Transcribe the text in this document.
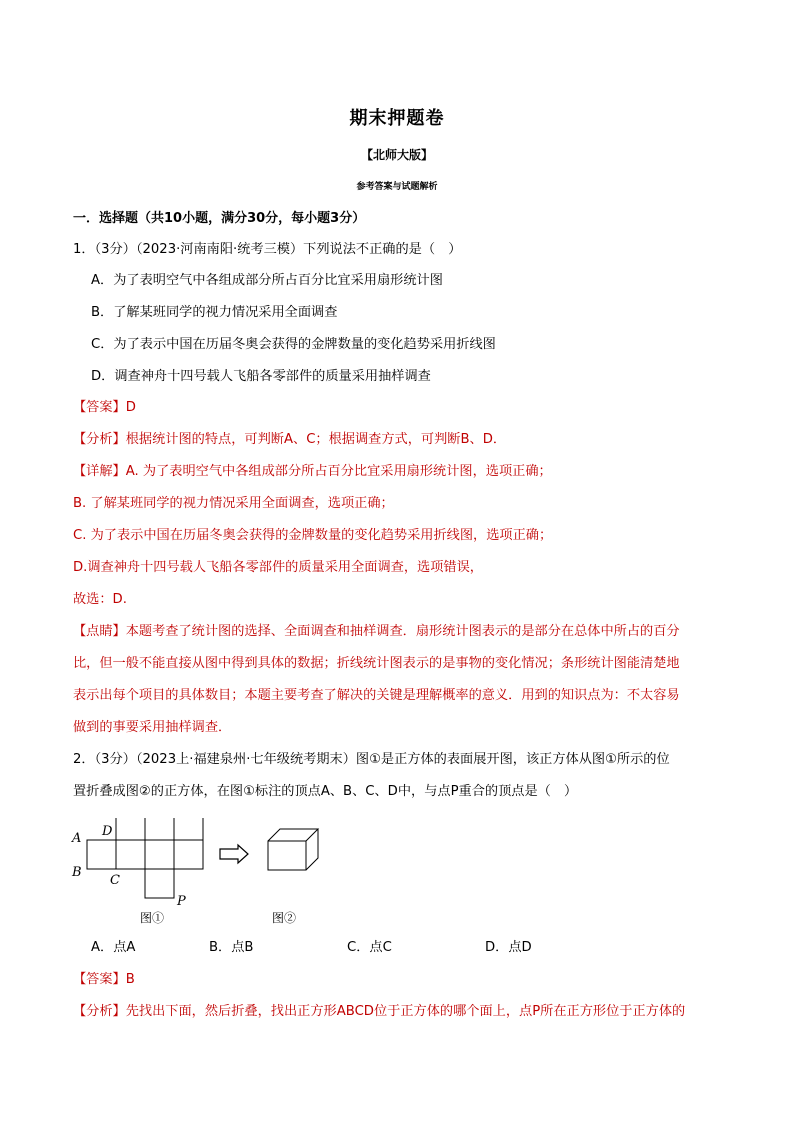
期末押题卷
【北师大版】
参考答案与试题解析
一．选择题（共10小题，满分30分，每小题3分）
1．（3分）（2023·河南南阳·统考三模）下列说法不正确的是（　）
A．为了表明空气中各组成部分所占百分比宜采用扇形统计图
B．了解某班同学的视力情况采用全面调查
C．为了表示中国在历届冬奥会获得的金牌数量的变化趋势采用折线图
D．调查神舟十四号载人飞船各零部件的质量采用抽样调查
【答案】D
【分析】根据统计图的特点，可判断A、C；根据调查方式，可判断B、D．
【详解】A. 为了表明空气中各组成部分所占百分比宜采用扇形统计图，选项正确；
B. 了解某班同学的视力情况采用全面调查，选项正确；
C. 为了表示中国在历届冬奥会获得的金牌数量的变化趋势采用折线图，选项正确；
D.调查神舟十四号载人飞船各零部件的质量采用全面调查，选项错误，
故选：D.
【点睛】本题考查了统计图的选择、全面调查和抽样调查．扇形统计图表示的是部分在总体中所占的百分
比，但一般不能直接从图中得到具体的数据；折线统计图表示的是事物的变化情况；条形统计图能清楚地
表示出每个项目的具体数目；本题主要考查了解决的关键是理解概率的意义．用到的知识点为：不太容易
做到的事要采用抽样调查．
2．（3分）（2023上·福建泉州·七年级统考期末）图①是正方体的表面展开图，该正方体从图①所示的位
置折叠成图②的正方体，在图①标注的顶点A、B、C、D中，与点P重合的顶点是（　）
A
B
C
D
P
图①	图②
A．点A	B．点B	C．点C	D．点D
【答案】B
【分析】先找出下面，然后折叠，找出正方形ABCD位于正方体的哪个面上，点P所在正方形位于正方体的
